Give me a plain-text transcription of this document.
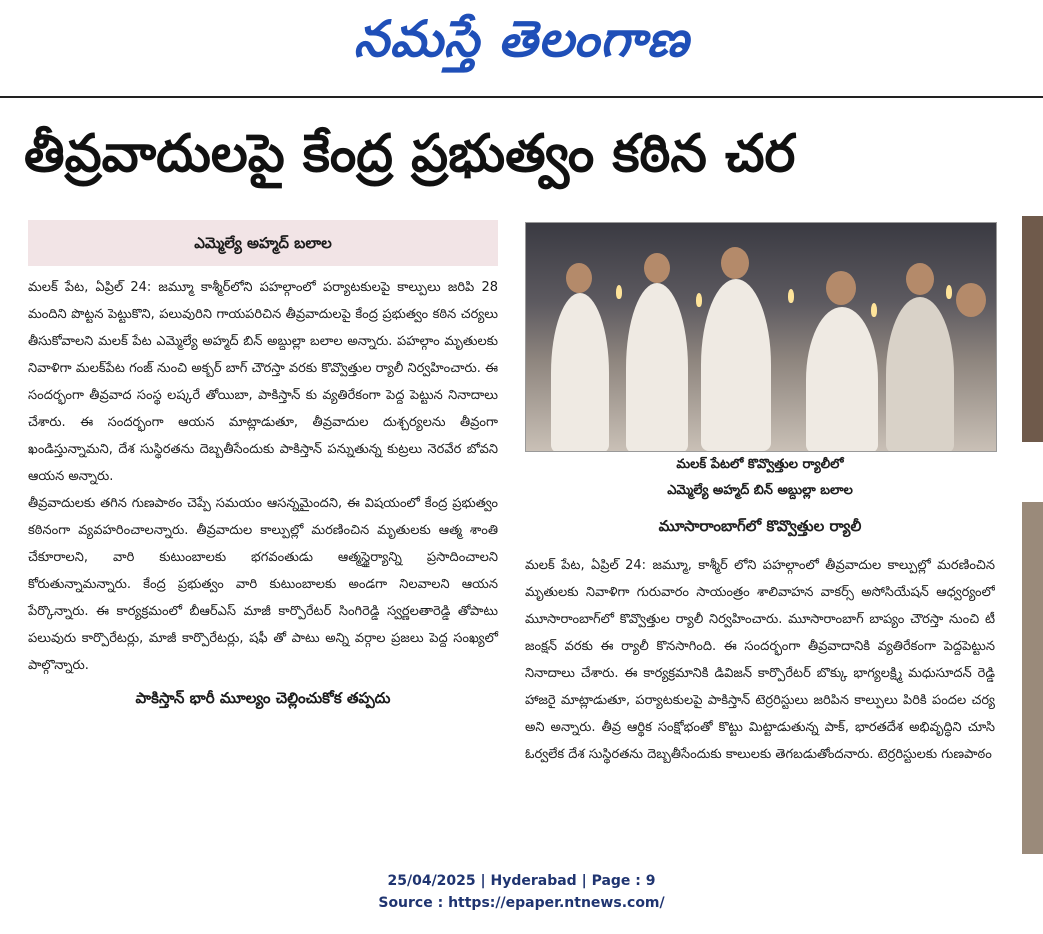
నమస్తే తెలంగాణ
తీవ్రవాదులపై కేంద్ర ప్రభుత్వం కఠిన చర
ఎమ్మెల్యే అహ్మద్ బలాల

మలక్ పేట, ఏప్రిల్ 24: జమ్మూ కాశ్మీర్‌లోని పహల్గాంలో పర్యాటకులపై కాల్పులు జరిపి 28 మందిని పొట్టన పెట్టుకొని, పలువురిని గాయపరిచిన తీవ్రవాదులపై కేంద్ర ప్రభుత్వం కఠిన చర్యలు తీసుకోవాలని మలక్ పేట ఎమ్మెల్యే అహ్మద్ బిన్ అబ్దుల్లా బలాల అన్నారు. పహల్గాం మృతులకు నివాళిగా మలక్‌పేట గంజ్ నుంచి అక్బర్ బాగ్ చౌరస్తా వరకు కొవ్వొత్తుల ర్యాలీ నిర్వహించారు. ఈ సందర్భంగా తీవ్రవాద సంస్థ లష్కరే తోయిబా, పాకిస్తాన్ కు వ్యతిరేకంగా పెద్ద పెట్టున నినాదాలు చేశారు. ఈ సందర్భంగా ఆయన మాట్లాడుతూ, తీవ్రవాదుల దుశ్చర్యలను తీవ్రంగా ఖండిస్తున్నామని, దేశ సుస్థిరతను దెబ్బతీసేందుకు పాకిస్తాన్ పన్నుతున్న కుట్రలు నెరవేర బోవని ఆయన అన్నారు.

తీవ్రవాదులకు తగిన గుణపాఠం చెప్పే సమయం ఆసన్నమైందని, ఈ విషయంలో కేంద్ర ప్రభుత్వం కఠినంగా వ్యవహరించాలన్నారు. తీవ్రవాదుల కాల్పుల్లో మరణించిన మృతులకు ఆత్మ శాంతి చేకూరాలని, వారి కుటుంబాలకు భగవంతుడు ఆత్మస్థైర్యాన్ని ప్రసాదించాలని కోరుతున్నామన్నారు. కేంద్ర ప్రభుత్వం వారి కుటుంబాలకు అండగా నిలవాలని ఆయన పేర్కొన్నారు. ఈ కార్యక్రమంలో బీఆర్ఎస్ మాజీ కార్పొరేటర్ సింగిరెడ్డి స్వర్ణలతారెడ్డి తోపాటు పలువురు కార్పొరేటర్లు, మాజీ కార్పొరేటర్లు, షఫీ తో పాటు అన్ని వర్గాల ప్రజలు పెద్ద సంఖ్యలో పాల్గొన్నారు.

పాకిస్తాన్ భారీ మూల్యం చెల్లించుకోక తప్పదు
మలక్ పేటలో కొవ్వొత్తుల ర్యాలీలో
ఎమ్మెల్యే అహ్మద్ బిన్ అబ్దుల్లా బలాల
మూసారాంబాగ్‌లో కొవ్వొత్తుల ర్యాలీ

మలక్ పేట, ఏప్రిల్ 24: జమ్మూ, కాశ్మీర్ లోని పహల్గాంలో తీవ్రవాదుల కాల్పుల్లో మరణించిన మృతులకు నివాళిగా గురువారం సాయంత్రం శాలివాహన వాకర్స్ అసోసియేషన్ ఆధ్వర్యంలో మూసారాంబాగ్‌లో కొవ్వొత్తుల ర్యాలీ నిర్వహించారు. మూసారాంబాగ్ బాప్యం చౌరస్తా నుంచి టీ జంక్షన్ వరకు ఈ ర్యాలీ కొనసాగింది. ఈ సందర్భంగా తీవ్రవాదానికి వ్యతిరేకంగా పెద్దపెట్టున నినాదాలు చేశారు. ఈ కార్యక్రమానికి డివిజన్ కార్పొరేటర్ బొక్కు భాగ్యలక్ష్మి మధుసూదన్ రెడ్డి హాజరై మాట్లాడుతూ, పర్యాటకులపై పాకిస్తాన్ టెర్రరిస్టులు జరిపిన కాల్పులు పిరికి పందల చర్య అని అన్నారు. తీవ్ర ఆర్థిక సంక్షోభంతో కొట్టు మిట్టాడుతున్న పాక్, భారతదేశ అభివృద్ధిని చూసి ఓర్వలేక దేశ సుస్థిరతను దెబ్బతీసేందుకు కాలులకు తెగబడుతోందనారు. టెర్రరిస్టులకు గుణపాఠం

25/04/2025 | Hyderabad | Page : 9
Source : https://epaper.ntnews.com/
